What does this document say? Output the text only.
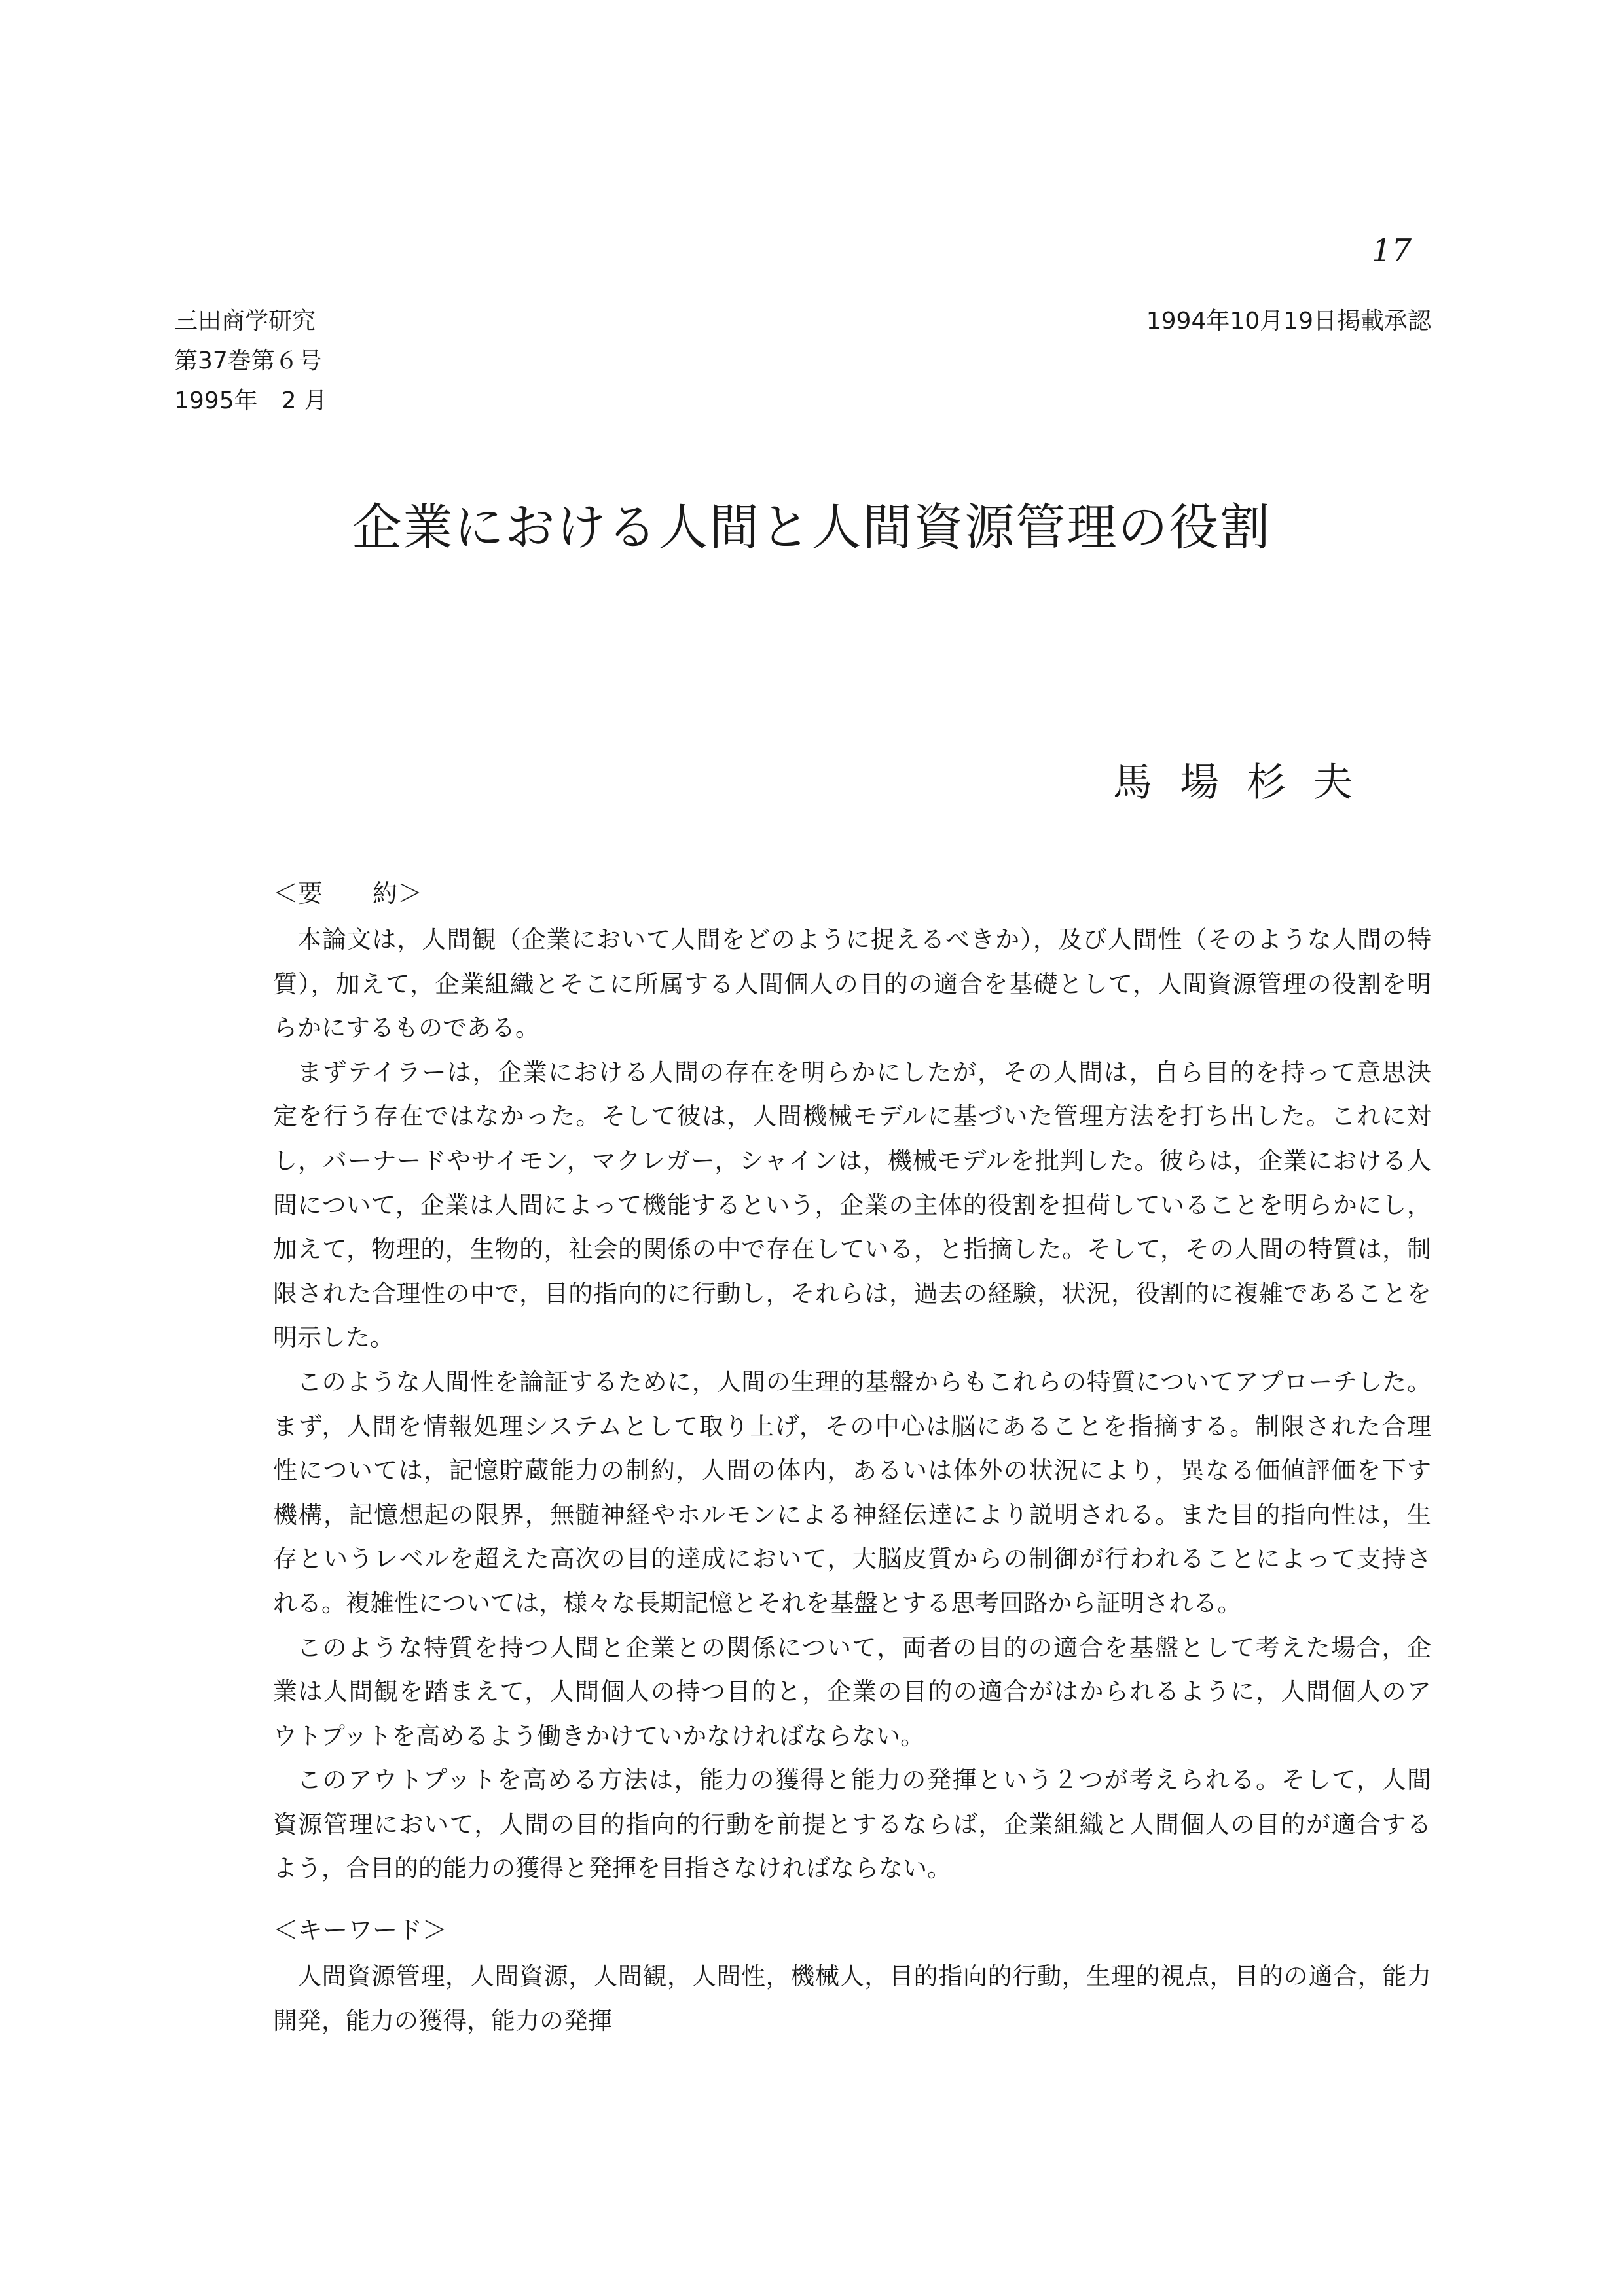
17
三田商学研究
第37巻第６号
1995年　2 月
1994年10月19日掲載承認
企業における人間と人間資源管理の役割
馬場杉夫
＜要　　約＞
本論文は，人間観（企業において人間をどのように捉えるべきか），及び人間性（そのような人間の特
質），加えて，企業組織とそこに所属する人間個人の目的の適合を基礎として，人間資源管理の役割を明
らかにするものである。
まずテイラーは，企業における人間の存在を明らかにしたが，その人間は，自ら目的を持って意思決
定を行う存在ではなかった。そして彼は，人間機械モデルに基づいた管理方法を打ち出した。これに対
し，バーナードやサイモン，マクレガー，シャインは，機械モデルを批判した。彼らは，企業における人
間について，企業は人間によって機能するという，企業の主体的役割を担荷していることを明らかにし，
加えて，物理的，生物的，社会的関係の中で存在している，と指摘した。そして，その人間の特質は，制
限された合理性の中で，目的指向的に行動し，それらは，過去の経験，状況，役割的に複雑であることを
明示した。
このような人間性を論証するために，人間の生理的基盤からもこれらの特質についてアプローチした。
まず，人間を情報処理システムとして取り上げ，その中心は脳にあることを指摘する。制限された合理
性については，記憶貯蔵能力の制約，人間の体内，あるいは体外の状況により，異なる価値評価を下す
機構，記憶想起の限界，無髄神経やホルモンによる神経伝達により説明される。また目的指向性は，生
存というレベルを超えた高次の目的達成において，大脳皮質からの制御が行われることによって支持さ
れる。複雑性については，様々な長期記憶とそれを基盤とする思考回路から証明される。
このような特質を持つ人間と企業との関係について，両者の目的の適合を基盤として考えた場合，企
業は人間観を踏まえて，人間個人の持つ目的と，企業の目的の適合がはかられるように，人間個人のア
ウトプットを高めるよう働きかけていかなければならない。
このアウトプットを高める方法は，能力の獲得と能力の発揮という２つが考えられる。そして，人間
資源管理において，人間の目的指向的行動を前提とするならば，企業組織と人間個人の目的が適合する
よう，合目的的能力の獲得と発揮を目指さなければならない。
＜キーワード＞
人間資源管理，人間資源，人間観，人間性，機械人，目的指向的行動，生理的視点，目的の適合，能力
開発，能力の獲得，能力の発揮
